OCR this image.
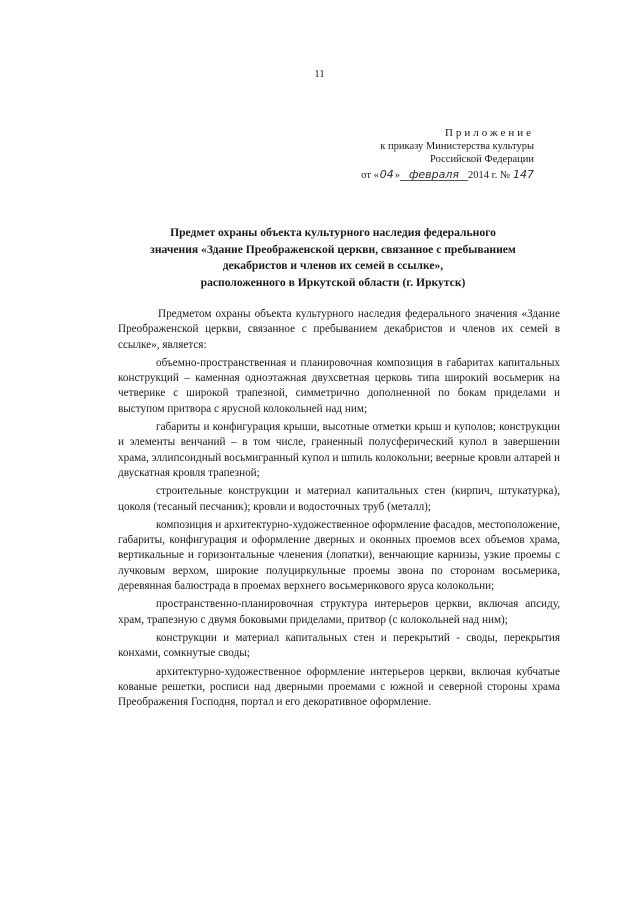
11
Приложение
к приказу Министерства культуры
Российской Федерации
от «04» февраля 2014 г. № 147
Предмет охраны объекта культурного наследия федерального
значения «Здание Преображенской церкви, связанное с пребыванием
декабристов и членов их семей в ссылке»,
расположенного в Иркутской области (г. Иркутск)

Предметом охраны объекта культурного наследия федерального значения «Здание Преображенской церкви, связанное с пребыванием декабристов и членов их семей в ссылке», является:

объемно-пространственная и планировочная композиция в габаритах капитальных конструкций – каменная одноэтажная двухсветная церковь типа широкий восьмерик на четверике с широкой трапезной, симметрично дополненной по бокам приделами и выступом притвора с ярусной колокольней над ним;

габариты и конфигурация крыши, высотные отметки крыш и куполов; конструкции и элементы венчаний – в том числе, граненный полусферический купол в завершении храма, эллипсоидный восьмигранный купол и шпиль колокольни; веерные кровли алтарей и двускатная кровля трапезной;

строительные конструкции и материал капитальных стен (кирпич, штукатурка), цоколя (тесаный песчаник); кровли и водосточных труб (металл);

композиция и архитектурно-художественное оформление фасадов, местоположение, габариты, конфигурация и оформление дверных и оконных проемов всех объемов храма, вертикальные и горизонтальные членения (лопатки), венчающие карнизы, узкие проемы с лучковым верхом, широкие полуциркульные проемы звона по сторонам восьмерика, деревянная балюстрада в проемах верхнего восьмерикового яруса колокольни;

пространственно-планировочная структура интерьеров церкви, включая апсиду, храм, трапезную с двумя боковыми приделами, притвор (с колокольней над ним);

конструкции и материал капитальных стен и перекрытий - своды, перекрытия конхами, сомкнутые своды;

архитектурно-художественное оформление интерьеров церкви, включая кубчатые кованые решетки, росписи над дверными проемами с южной и северной стороны храма Преображения Господня, портал и его декоративное оформление.
